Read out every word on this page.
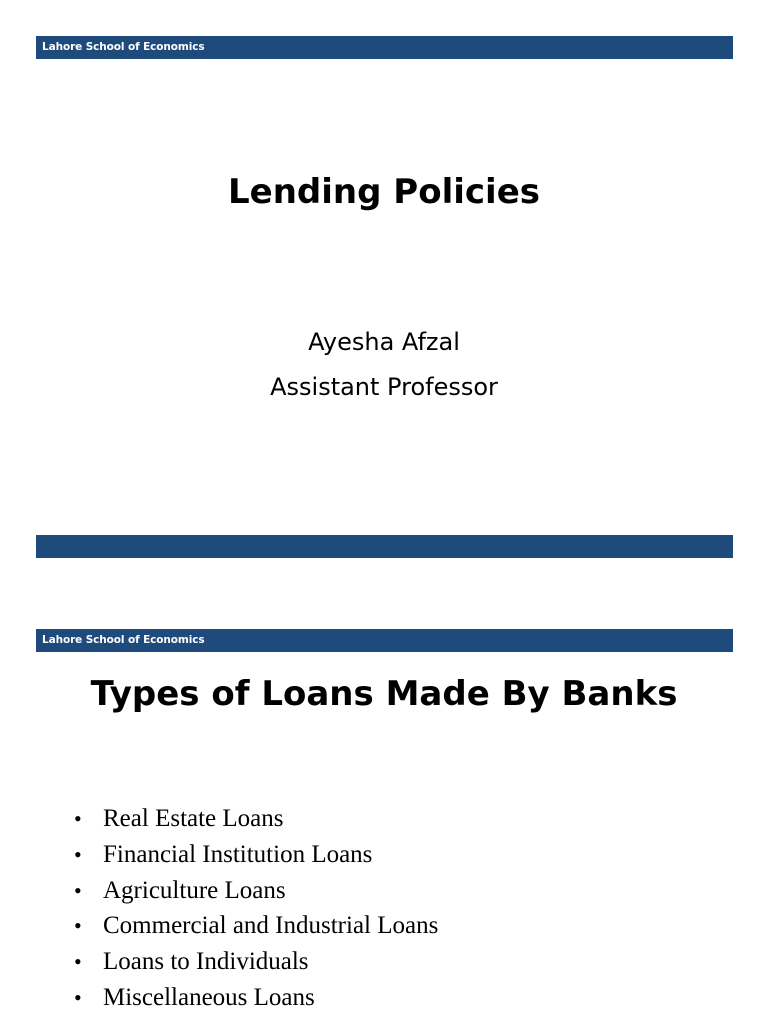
Lahore School of Economics
Lending Policies
Ayesha Afzal
Assistant Professor
Lahore School of Economics
Types of Loans Made By Banks
• Real Estate Loans
• Financial Institution Loans
• Agriculture Loans
• Commercial and Industrial Loans
• Loans to Individuals
• Miscellaneous Loans
